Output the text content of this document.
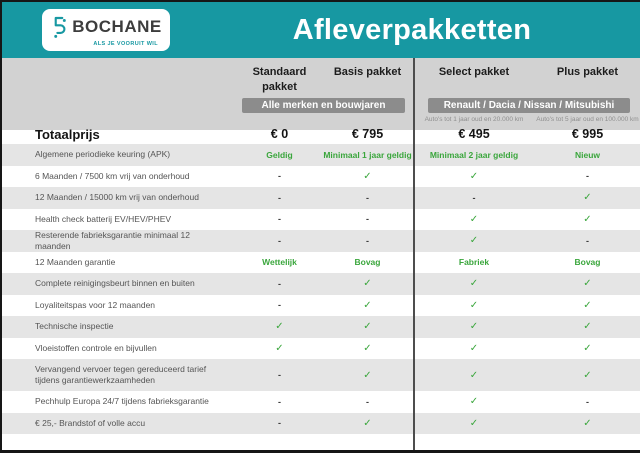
BOCHANE
ALS JE VOORUIT WIL	Afleverpakketten
Standaard pakket
Basis pakket	Select pakket	Plus pakket
Alle merken en bouwjaren	Renault / Dacia / Nissan / Mitsubishi
Auto's tot 1 jaar oud en 20.000 km	Auto's tot 5 jaar oud en 100.000 km
Totaalprijs	€ 0	€ 795	€ 495	€ 995
Algemene periodieke keuring (APK)	Geldig	Minimaal 1 jaar geldig	Minimaal 2 jaar geldig	Nieuw
6 Maanden / 7500 km vrij van onderhoud	-	✓	✓	-
12 Maanden / 15000 km vrij van onderhoud	-	-	-	✓
Health check batterij EV/HEV/PHEV	-	-	✓	✓
Resterende fabrieksgarantie minimaal 12 maanden	-	-	✓	-
12 Maanden garantie	Wettelijk	Bovag	Fabriek	Bovag
Complete reinigingsbeurt binnen en buiten	-	✓	✓	✓
Loyaliteitspas voor 12 maanden	-	✓	✓	✓
Technische inspectie	✓	✓	✓	✓
Vloeistoffen controle en bijvullen	✓	✓	✓	✓
Vervangend vervoer tegen gereduceerd tarief tijdens garantiewerkzaamheden	-	✓	✓	✓
Pechhulp Europa 24/7 tijdens fabrieksgarantie	-	-	✓	-
€ 25,- Brandstof of volle accu	-	✓	✓	✓
